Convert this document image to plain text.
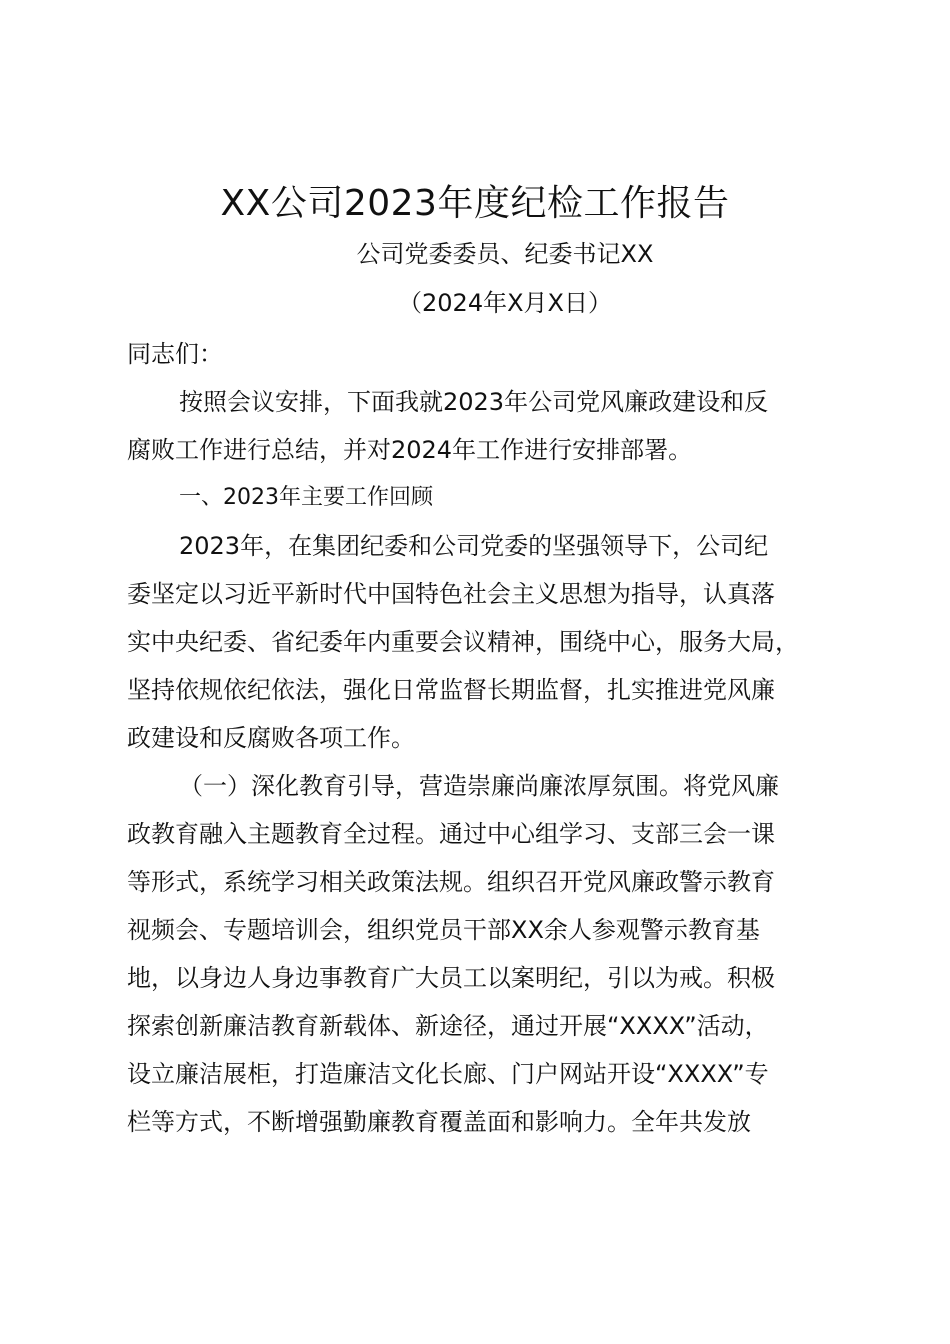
XX公司2023年度纪检工作报告
公司党委委员、纪委书记XX
（2024年X月X日）
同志们：
按照会议安排，下面我就2023年公司党风廉政建设和反
腐败工作进行总结，并对2024年工作进行安排部署。
一、2023年主要工作回顾
2023年，在集团纪委和公司党委的坚强领导下，公司纪
委坚定以习近平新时代中国特色社会主义思想为指导，认真落
实中央纪委、省纪委年内重要会议精神，围绕中心，服务大局，
坚持依规依纪依法，强化日常监督长期监督，扎实推进党风廉
政建设和反腐败各项工作。
（一）深化教育引导，营造崇廉尚廉浓厚氛围。将党风廉
政教育融入主题教育全过程。通过中心组学习、支部三会一课
等形式，系统学习相关政策法规。组织召开党风廉政警示教育
视频会、专题培训会，组织党员干部XX余人参观警示教育基
地，以身边人身边事教育广大员工以案明纪，引以为戒。积极
探索创新廉洁教育新载体、新途径，通过开展“XXXX”活动，
设立廉洁展柜，打造廉洁文化长廊、门户网站开设“XXXX”专
栏等方式，不断增强勤廉教育覆盖面和影响力。全年共发放
